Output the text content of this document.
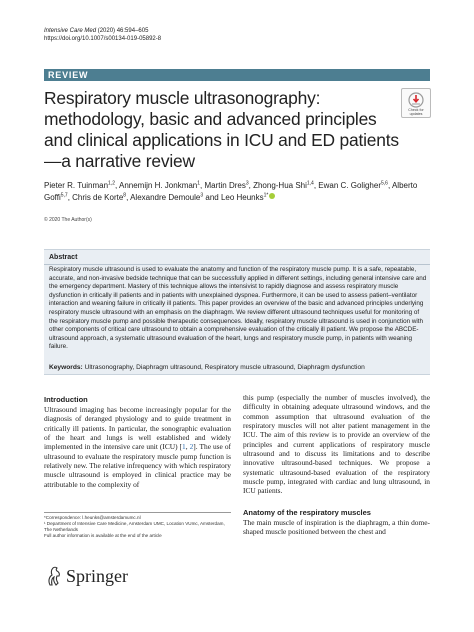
Intensive Care Med (2020) 46:594–605
https://doi.org/10.1007/s00134-019-05892-8
REVIEW
Check for
updates
Respiratory muscle ultrasonography: methodology, basic and advanced principles and clinical applications in ICU and ED patients—a narrative review
Pieter R. Tuinman$^{1,2}$, Annemijn H. Jonkman$^1$, Martin Dres$^3$, Zhong-Hua Shi$^{1,4}$, Ewan C. Goligher$^{5,6}$, Alberto Goffi$^{5,7}$, Chris de Korte$^8$, Alexandre Demoule$^3$ and Leo Heunks$^{1*}$
© 2020 The Author(s)
Abstract
Respiratory muscle ultrasound is used to evaluate the anatomy and function of the respiratory muscle pump. It is a safe, repeatable, accurate, and non-invasive bedside technique that can be successfully applied in different settings, including general intensive care and the emergency department. Mastery of this technique allows the intensivist to rapidly diagnose and assess respiratory muscle dysfunction in critically ill patients and in patients with unexplained dyspnea. Furthermore, it can be used to assess patient–ventilator interaction and weaning failure in critically ill patients. This paper provides an overview of the basic and advanced principles underlying respiratory muscle ultrasound with an emphasis on the diaphragm. We review different ultrasound techniques useful for monitoring of the respiratory muscle pump and possible therapeutic consequences. Ideally, respiratory muscle ultrasound is used in conjunction with other components of critical care ultrasound to obtain a comprehensive evaluation of the critically ill patient. We propose the ABCDE-ultrasound approach, a systematic ultrasound evaluation of the heart, lungs and respiratory muscle pump, in patients with weaning failure.
Keywords: Ultrasonography, Diaphragm ultrasound, Respiratory muscle ultrasound, Diaphragm dysfunction
Introduction

Ultrasound imaging has become increasingly popular for the diagnosis of deranged physiology and to guide treatment in critically ill patients. In particular, the sonographic evaluation of the heart and lungs is well established and widely implemented in the intensive care unit (ICU) [1, 2]. The use of ultrasound to evaluate the respiratory muscle pump function is relatively new. The relative infrequency with which respiratory muscle ultrasound is employed in clinical practice may be attributable to the complexity of

this pump (especially the number of muscles involved), the difficulty in obtaining adequate ultrasound windows, and the common assumption that ultrasound evaluation of the respiratory muscles will not alter patient management in the ICU. The aim of this review is to provide an overview of the principles and current applications of respiratory muscle ultrasound and to discuss its limitations and to describe innovative ultrasound-based techniques. We propose a systematic ultrasound-based evaluation of the respiratory muscle pump, integrated with cardiac and lung ultrasound, in ICU patients.

Anatomy of the respiratory muscles

The main muscle of inspiration is the diaphragm, a thin dome-shaped muscle positioned between the chest and

*Correspondence: l.heunks@amsterdamumc.nl
¹ Department of Intensive Care Medicine, Amsterdam UMC, Location VUmc, Amsterdam, The Netherlands
Full author information is available at the end of the article
Springer
